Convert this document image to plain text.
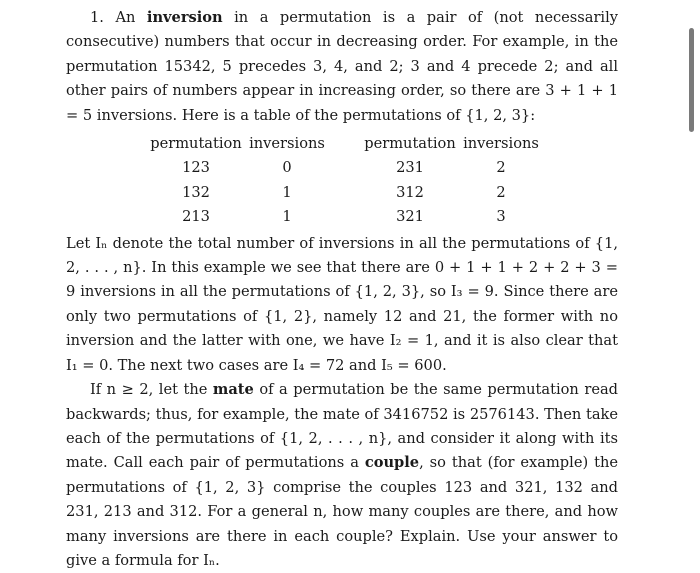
1. An inversion in a permutation is a pair of (not necessarily consecutive) numbers that occur in decreasing order. For example, in the permutation 15342, 5 precedes 3, 4, and 2; 3 and 4 precede 2; and all other pairs of numbers appear in increasing order, so there are 3 + 1 + 1 = 5 inversions. Here is a table of the permutations of {1, 2, 3}:

permutation	inversions		permutation	inversions
123	0		231	2
132	1		312	2
213	1		321	3

Let Iₙ denote the total number of inversions in all the permutations of {1, 2, . . . , n}. In this example we see that there are 0 + 1 + 1 + 2 + 2 + 3 = 9 inversions in all the permutations of {1, 2, 3}, so I₃ = 9. Since there are only two permutations of {1, 2}, namely 12 and 21, the former with no inversion and the latter with one, we have I₂ = 1, and it is also clear that I₁ = 0. The next two cases are I₄ = 72 and I₅ = 600.

If n ≥ 2, let the mate of a permutation be the same permutation read backwards; thus, for example, the mate of 3416752 is 2576143. Then take each of the permutations of {1, 2, . . . , n}, and consider it along with its mate. Call each pair of permutations a couple, so that (for example) the permutations of {1, 2, 3} comprise the couples 123 and 321, 132 and 231, 213 and 312. For a general n, how many couples are there, and how many inversions are there in each couple? Explain. Use your answer to give a formula for Iₙ.
